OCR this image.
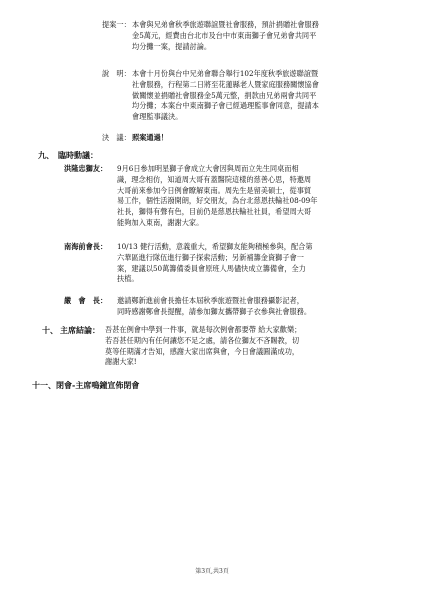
提案一： 本會與兄弟會秋季旅遊聯誼暨社會服務，預計捐贈社會服務
金5萬元，經費由台北市及台中市東南獅子會兄弟會共同平
均分攤一案，提請討論。
說　明： 本會十月份與台中兄弟會聯合舉行102年度秋季旅遊聯誼暨
社會服務，行程第二日將至花蓮縣老人暨家庭服務關懷協會
做關懷並捐贈社會服務金5萬元整，捐款由兄弟兩會共同平
均分攤；本案台中東南獅子會已經過理監事會同意，提請本
會理監事議決。
決　議： 照案通過！
九、 臨時動議：
洪隆忠獅友： 9月6日參加明星獅子會成立大會因與周而立先生同桌而相
識，理念相仿，知道周大哥有蓋醫院這樣的慈善心思，特邀周
大哥前來參加今日例會瞭解東南。周先生是留美碩士，從事貿
易工作，個性活潑開朗，好交朋友，為台北慈恩扶輪社08-09年
社長，獅得有聲有色，目前仍是慈恩扶輪社社員，希望周大哥
能夠加入東南，謝謝大家。
南海前會長： 10/13 健行活動，意義重大，希望獅友能夠積極參與，配合第
六華區進行隊伍進行獅子探索活動；另新補籌金資獅子會一
案，建議以50萬籌備委員會原班人馬儘快成立籌備會，全力
扶植。
嚴　會　長： 邀請鄭新進前會長擔任本屆秋季旅遊暨社會服務攝影記者，
同時感謝鄭會長提醒，請參加獅友攜帶獅子衣參與社會服務。
十、 主席結論： 吾甚在例會中學到一件事，就是每次例會都要帶 給大家歡樂；
若吾甚任期內有任何讓您不足之處，請各位獅友不吝賜教，切
莫等任期滿才告知，感謝大家出席與會，今日會議圓滿成功，
謝謝大家!
十一、 閉會-主席鳴鐘宣佈閉會
第3頁,共3頁
